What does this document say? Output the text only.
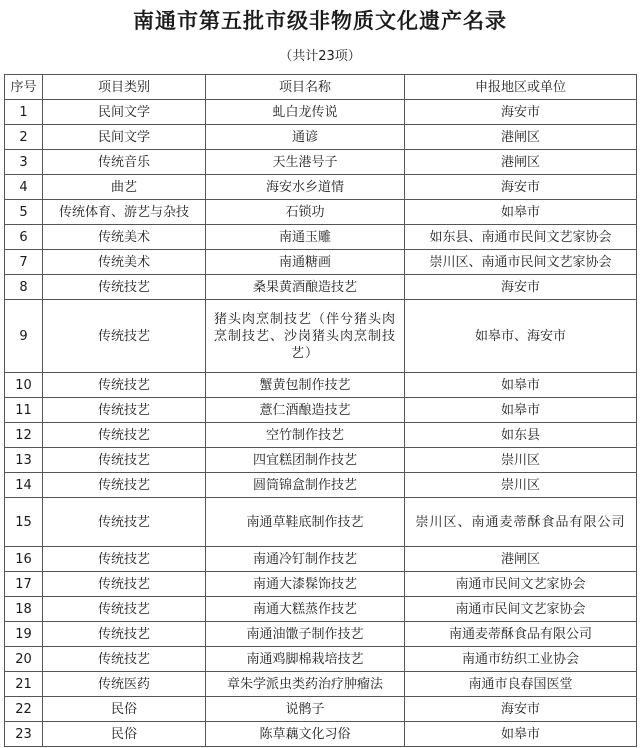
南通市第五批市级非物质文化遗产名录
（共计23项）
序号	项目类别	项目名称	申报地区或单位
1	民间文学	虬白龙传说	海安市
2	民间文学	通谚	港闸区
3	传统音乐	天生港号子	港闸区
4	曲艺	海安水乡道情	海安市
5	传统体育、游艺与杂技	石锁功	如皋市
6	传统美术	南通玉雕	如东县、南通市民间文艺家协会
7	传统美术	南通糖画	崇川区、南通市民间文艺家协会
8	传统技艺	桑果黄酒酿造技艺	海安市
9	传统技艺	猪头肉烹制技艺（伴兮猪头肉烹制技艺、沙岗猪头肉烹制技艺）	如皋市、海安市
10	传统技艺	蟹黄包制作技艺	如皋市
11	传统技艺	薏仁酒酿造技艺	如皋市
12	传统技艺	空竹制作技艺	如东县
13	传统技艺	四宜糕团制作技艺	崇川区
14	传统技艺	圆筒锦盒制作技艺	崇川区
15	传统技艺	南通草鞋底制作技艺	崇川区、南通麦蒂酥食品有限公司
16	传统技艺	南通冷钉制作技艺	港闸区
17	传统技艺	南通大漆髹饰技艺	南通市民间文艺家协会
18	传统技艺	南通大糕蒸作技艺	南通市民间文艺家协会
19	传统技艺	南通油馓子制作技艺	南通麦蒂酥食品有限公司
20	传统技艺	南通鸡脚棉栽培技艺	南通市纺织工业协会
21	传统医药	章朱学派虫类药治疗肿瘤法	南通市良春国医堂
22	民俗	说鹘子	海安市
23	民俗	陈草藕文化习俗	如皋市
